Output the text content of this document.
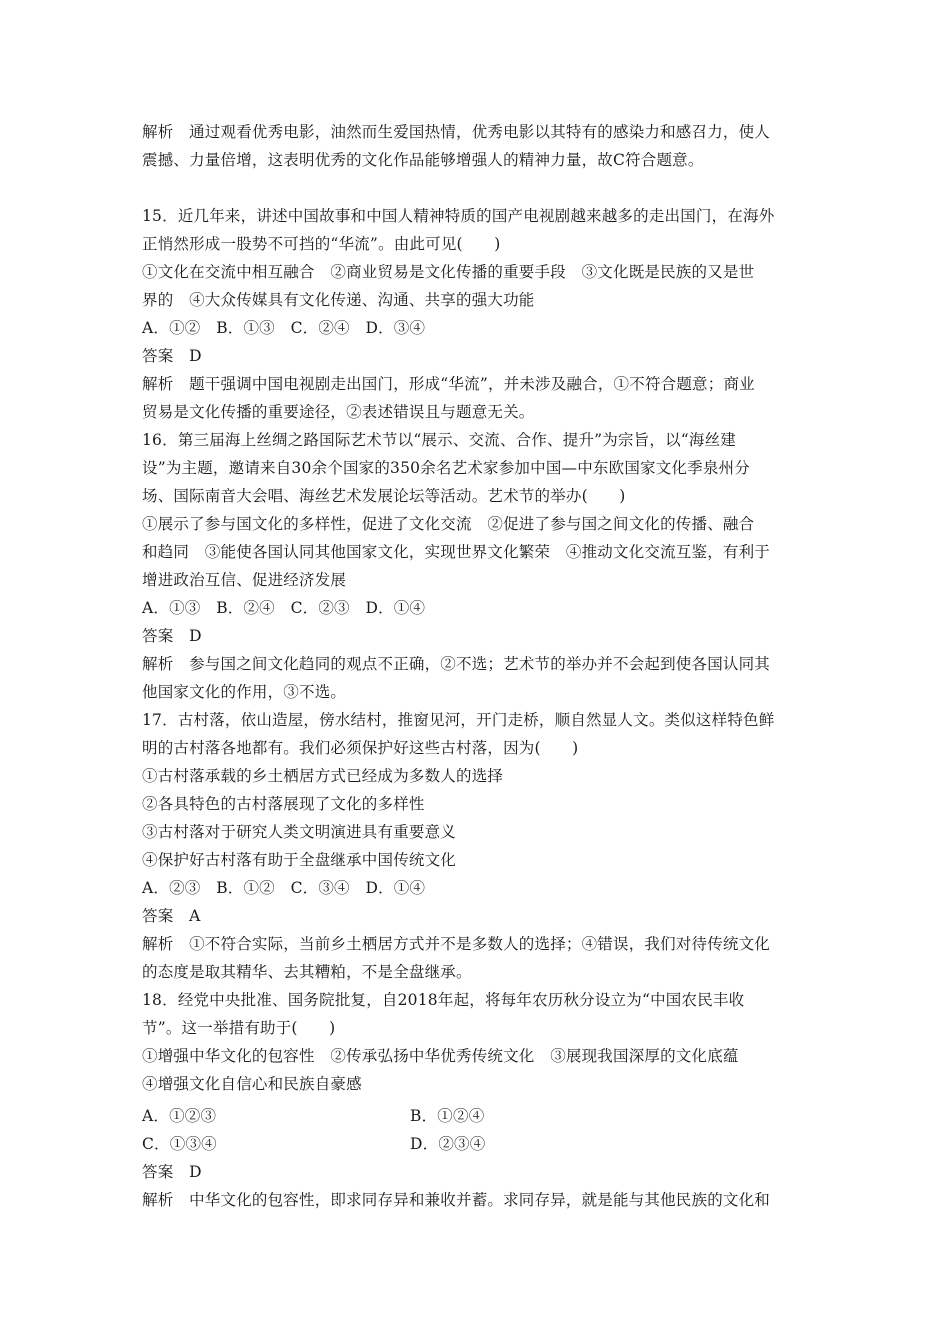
解析　通过观看优秀电影，油然而生爱国热情，优秀电影以其特有的感染力和感召力，使人
震撼、力量倍增，这表明优秀的文化作品能够增强人的精神力量，故C符合题意。
15．近几年来，讲述中国故事和中国人精神特质的国产电视剧越来越多的走出国门，在海外
正悄然形成一股势不可挡的“华流”。由此可见(　　)
①文化在交流中相互融合　②商业贸易是文化传播的重要手段　③文化既是民族的又是世
界的　④大众传媒具有文化传递、沟通、共享的强大功能
A．①②　B．①③　C．②④　D．③④
答案　D
解析　题干强调中国电视剧走出国门，形成“华流”，并未涉及融合，①不符合题意；商业
贸易是文化传播的重要途径，②表述错误且与题意无关。
16．第三届海上丝绸之路国际艺术节以“展示、交流、合作、提升”为宗旨，以“海丝建
设”为主题，邀请来自30余个国家的350余名艺术家参加中国—中东欧国家文化季泉州分
场、国际南音大会唱、海丝艺术发展论坛等活动。艺术节的举办(　　)
①展示了参与国文化的多样性，促进了文化交流　②促进了参与国之间文化的传播、融合
和趋同　③能使各国认同其他国家文化，实现世界文化繁荣　④推动文化交流互鉴，有利于
增进政治互信、促进经济发展
A．①③　B．②④　C．②③　D．①④
答案　D
解析　参与国之间文化趋同的观点不正确，②不选；艺术节的举办并不会起到使各国认同其
他国家文化的作用，③不选。
17．古村落，依山造屋，傍水结村，推窗见河，开门走桥，顺自然显人文。类似这样特色鲜
明的古村落各地都有。我们必须保护好这些古村落，因为(　　)
①古村落承载的乡土栖居方式已经成为多数人的选择
②各具特色的古村落展现了文化的多样性
③古村落对于研究人类文明演进具有重要意义
④保护好古村落有助于全盘继承中国传统文化
A．②③　B．①②　C．③④　D．①④
答案　A
解析　①不符合实际，当前乡土栖居方式并不是多数人的选择；④错误，我们对待传统文化
的态度是取其精华、去其糟粕，不是全盘继承。
18．经党中央批准、国务院批复，自2018年起，将每年农历秋分设立为“中国农民丰收
节”。这一举措有助于(　　)
①增强中华文化的包容性　②传承弘扬中华优秀传统文化　③展现我国深厚的文化底蕴
④增强文化自信心和民族自豪感
A．①②③	B．①②④
C．①③④	D．②③④
答案　D
解析　中华文化的包容性，即求同存异和兼收并蓄。求同存异，就是能与其他民族的文化和
